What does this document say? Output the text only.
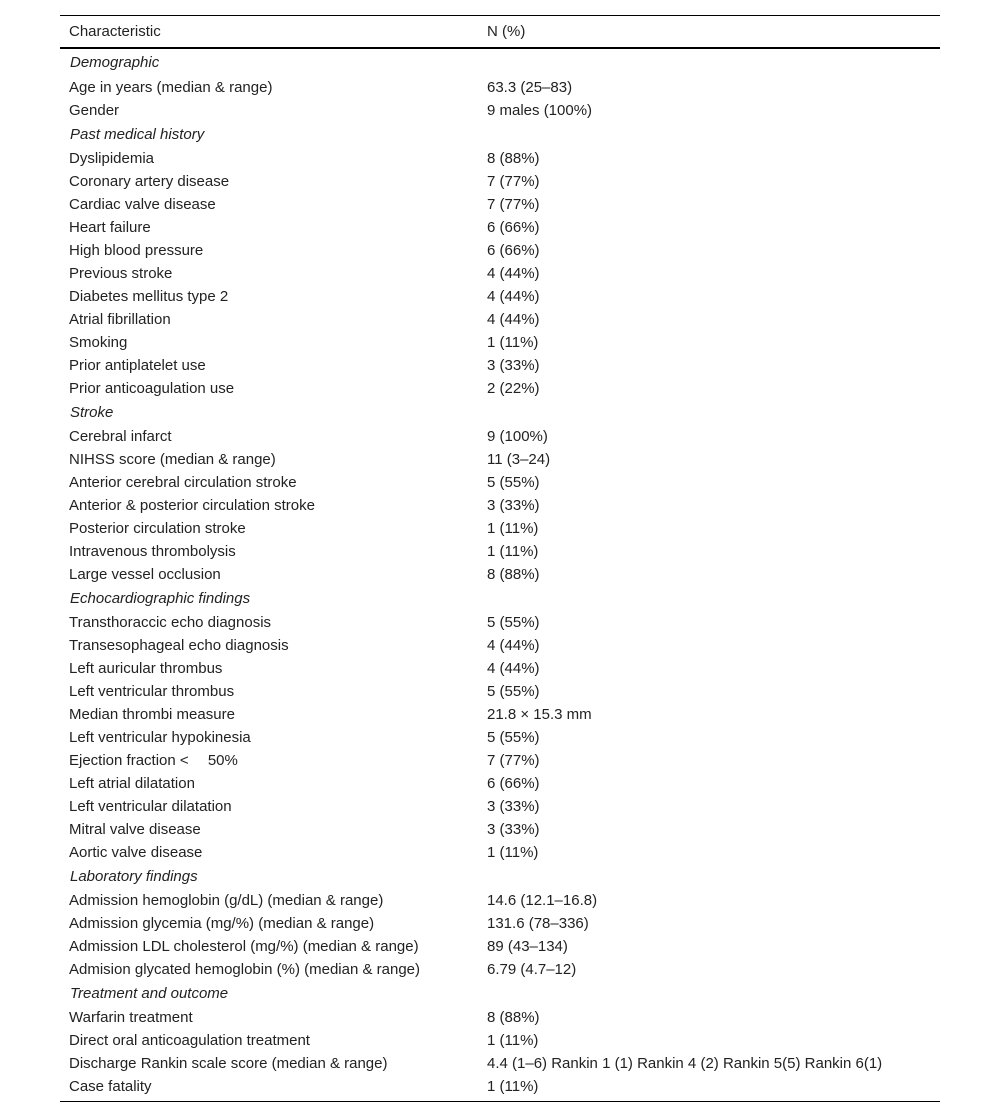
Characteristic	N (%)
Demographic	
Age in years (median & range)	63.3 (25–83)
Gender	9 males (100%)
Past medical history	
Dyslipidemia	8 (88%)
Coronary artery disease	7 (77%)
Cardiac valve disease	7 (77%)
Heart failure	6 (66%)
High blood pressure	6 (66%)
Previous stroke	4 (44%)
Diabetes mellitus type 2	4 (44%)
Atrial fibrillation	4 (44%)
Smoking	1 (11%)
Prior antiplatelet use	3 (33%)
Prior anticoagulation use	2 (22%)
Stroke	
Cerebral infarct	9 (100%)
NIHSS score (median & range)	11 (3–24)
Anterior cerebral circulation stroke	5 (55%)
Anterior & posterior circulation stroke	3 (33%)
Posterior circulation stroke	1 (11%)
Intravenous thrombolysis	1 (11%)
Large vessel occlusion	8 (88%)
Echocardiographic findings	
Transthoraccic echo diagnosis	5 (55%)
Transesophageal echo diagnosis	4 (44%)
Left auricular thrombus	4 (44%)
Left ventricular thrombus	5 (55%)
Median thrombi measure	21.8 × 15.3 mm
Left ventricular hypokinesia	5 (55%)
Ejection fraction <  50%	7 (77%)
Left atrial dilatation	6 (66%)
Left ventricular dilatation	3 (33%)
Mitral valve disease	3 (33%)
Aortic valve disease	1 (11%)
Laboratory findings	
Admission hemoglobin (g/dL) (median & range)	14.6 (12.1–16.8)
Admission glycemia (mg/%) (median & range)	131.6 (78–336)
Admission LDL cholesterol (mg/%) (median & range)	89 (43–134)
Admision glycated hemoglobin (%) (median & range)	6.79 (4.7–12)
Treatment and outcome	
Warfarin treatment	8 (88%)
Direct oral anticoagulation treatment	1 (11%)
Discharge Rankin scale score (median & range)	4.4 (1–6) Rankin 1 (1) Rankin 4 (2) Rankin 5(5) Rankin 6(1)
Case fatality	1 (11%)
